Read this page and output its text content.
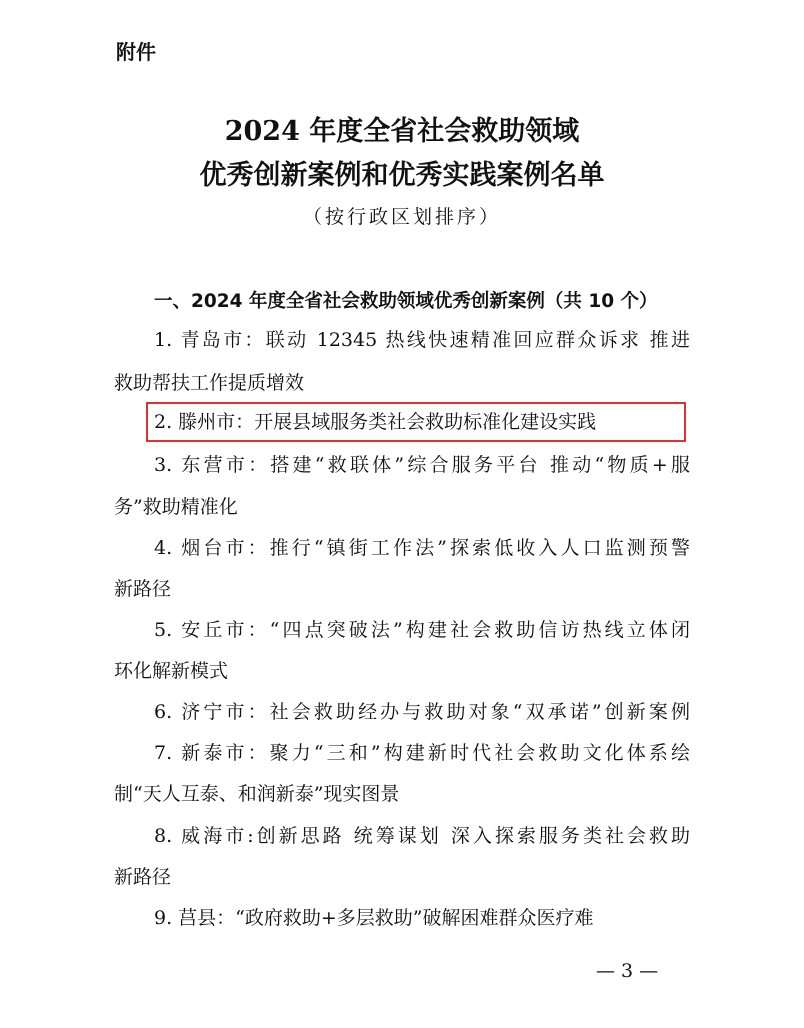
附件
2024 年度全省社会救助领域
优秀创新案例和优秀实践案例名单
（按行政区划排序）
一、2024 年度全省社会救助领域优秀创新案例（共 10 个）
1. 青岛市：联动 12345 热线快速精准回应群众诉求 推进
救助帮扶工作提质增效
2. 滕州市：开展县域服务类社会救助标准化建设实践
3. 东营市：搭建“救联体”综合服务平台 推动“物质+服
务”救助精准化
4. 烟台市：推行“镇街工作法”探索低收入人口监测预警
新路径
5. 安丘市：“四点突破法”构建社会救助信访热线立体闭
环化解新模式
6. 济宁市：社会救助经办与救助对象“双承诺”创新案例
7. 新泰市：聚力“三和”构建新时代社会救助文化体系绘
制“天人互泰、和润新泰”现实图景
8. 威海市:创新思路 统筹谋划 深入探索服务类社会救助
新路径
9. 莒县：“政府救助+多层救助”破解困难群众医疗难
— 3 —
